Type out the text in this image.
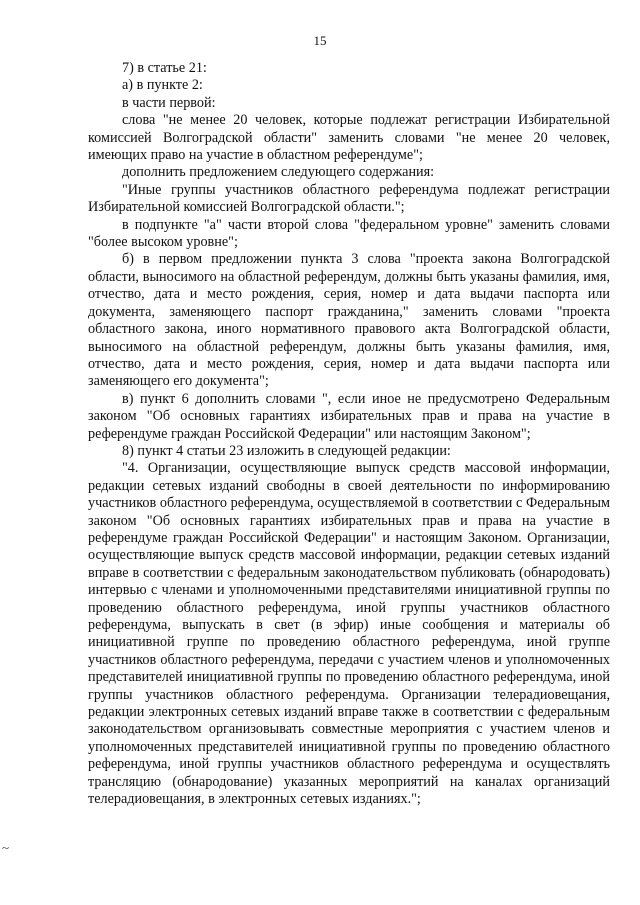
15

7) в статье 21:

а) в пункте 2:

в части первой:

слова "не менее 20 человек, которые подлежат регистрации Избирательной комиссией Волгоградской области" заменить словами "не менее 20 человек, имеющих право на участие в областном референдуме";

дополнить предложением следующего содержания:

"Иные группы участников областного референдума подлежат регистрации Избирательной комиссией Волгоградской области.";

в подпункте "а" части второй слова "федеральном уровне" заменить словами "более высоком уровне";

б) в первом предложении пункта 3 слова "проекта закона Волгоградской области, выносимого на областной референдум, должны быть указаны фамилия, имя, отчество, дата и место рождения, серия, номер и дата выдачи паспорта или документа, заменяющего паспорт гражданина," заменить словами "проекта областного закона, иного нормативного правового акта Волгоградской области, выносимого на областной референдум, должны быть указаны фамилия, имя, отчество, дата и место рождения, серия, номер и дата выдачи паспорта или заменяющего его документа";

в) пункт 6 дополнить словами ", если иное не предусмотрено Федеральным законом "Об основных гарантиях избирательных прав и права на участие в референдуме граждан Российской Федерации" или настоящим Законом";

8) пункт 4 статьи 23 изложить в следующей редакции:

"4. Организации, осуществляющие выпуск средств массовой информации, редакции сетевых изданий свободны в своей деятельности по информированию участников областного референдума, осуществляемой в соответствии с Федеральным законом "Об основных гарантиях избирательных прав и права на участие в референдуме граждан Российской Федерации" и настоящим Законом. Организации, осуществляющие выпуск средств массовой информации, редакции сетевых изданий вправе в соответствии с федеральным законодательством публиковать (обнародовать) интервью с членами и уполномоченными представителями инициативной группы по проведению областного референдума, иной группы участников областного референдума, выпускать в свет (в эфир) иные сообщения и материалы об инициативной группе по проведению областного референдума, иной группе участников областного референдума, передачи с участием членов и уполномоченных представителей инициативной группы по проведению областного референдума, иной группы участников областного референдума. Организации телерадиовещания, редакции электронных сетевых изданий вправе также в соответствии с федеральным законодательством организовывать совместные мероприятия с участием членов и уполномоченных представителей инициативной группы по проведению областного референдума, иной группы участников областного референдума и осуществлять трансляцию (обнародование) указанных мероприятий на каналах организаций телерадиовещания, в электронных сетевых изданиях.";

~
